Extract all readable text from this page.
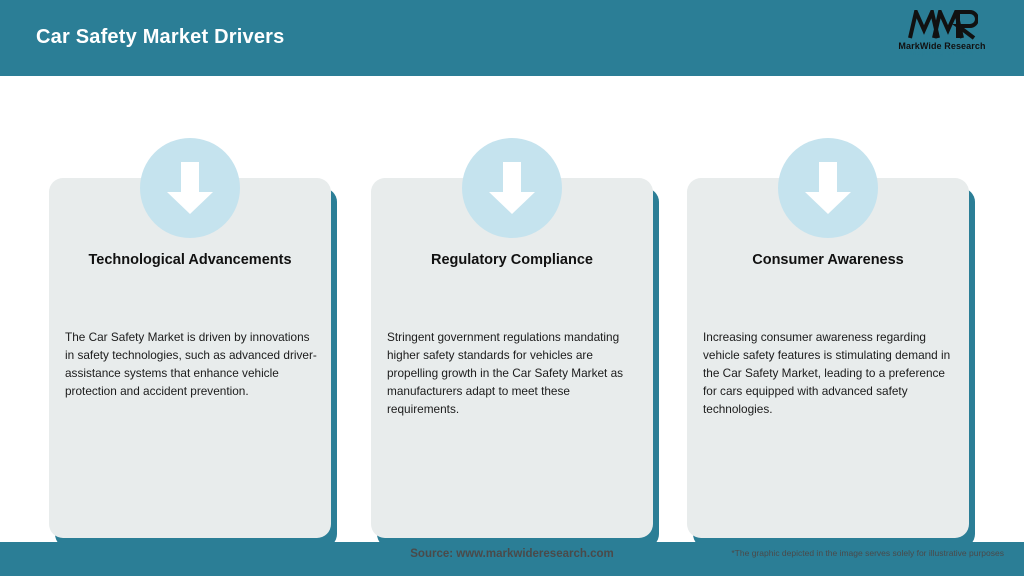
Car Safety Market Drivers	MarkWide Research
Inspiring Growth
Technological Advancements
The Car Safety Market is driven by innovations in safety technologies, such as advanced driver-assistance systems that enhance vehicle protection and accident prevention.
Regulatory Compliance
Stringent government regulations mandating higher safety standards for vehicles are propelling growth in the Car Safety Market as manufacturers adapt to meet these requirements.
Consumer Awareness
Increasing consumer awareness regarding vehicle safety features is stimulating demand in the Car Safety Market, leading to a preference for cars equipped with advanced safety technologies.
Source: www.markwideresearch.com	*The graphic depicted in the image serves solely for illustrative purposes
